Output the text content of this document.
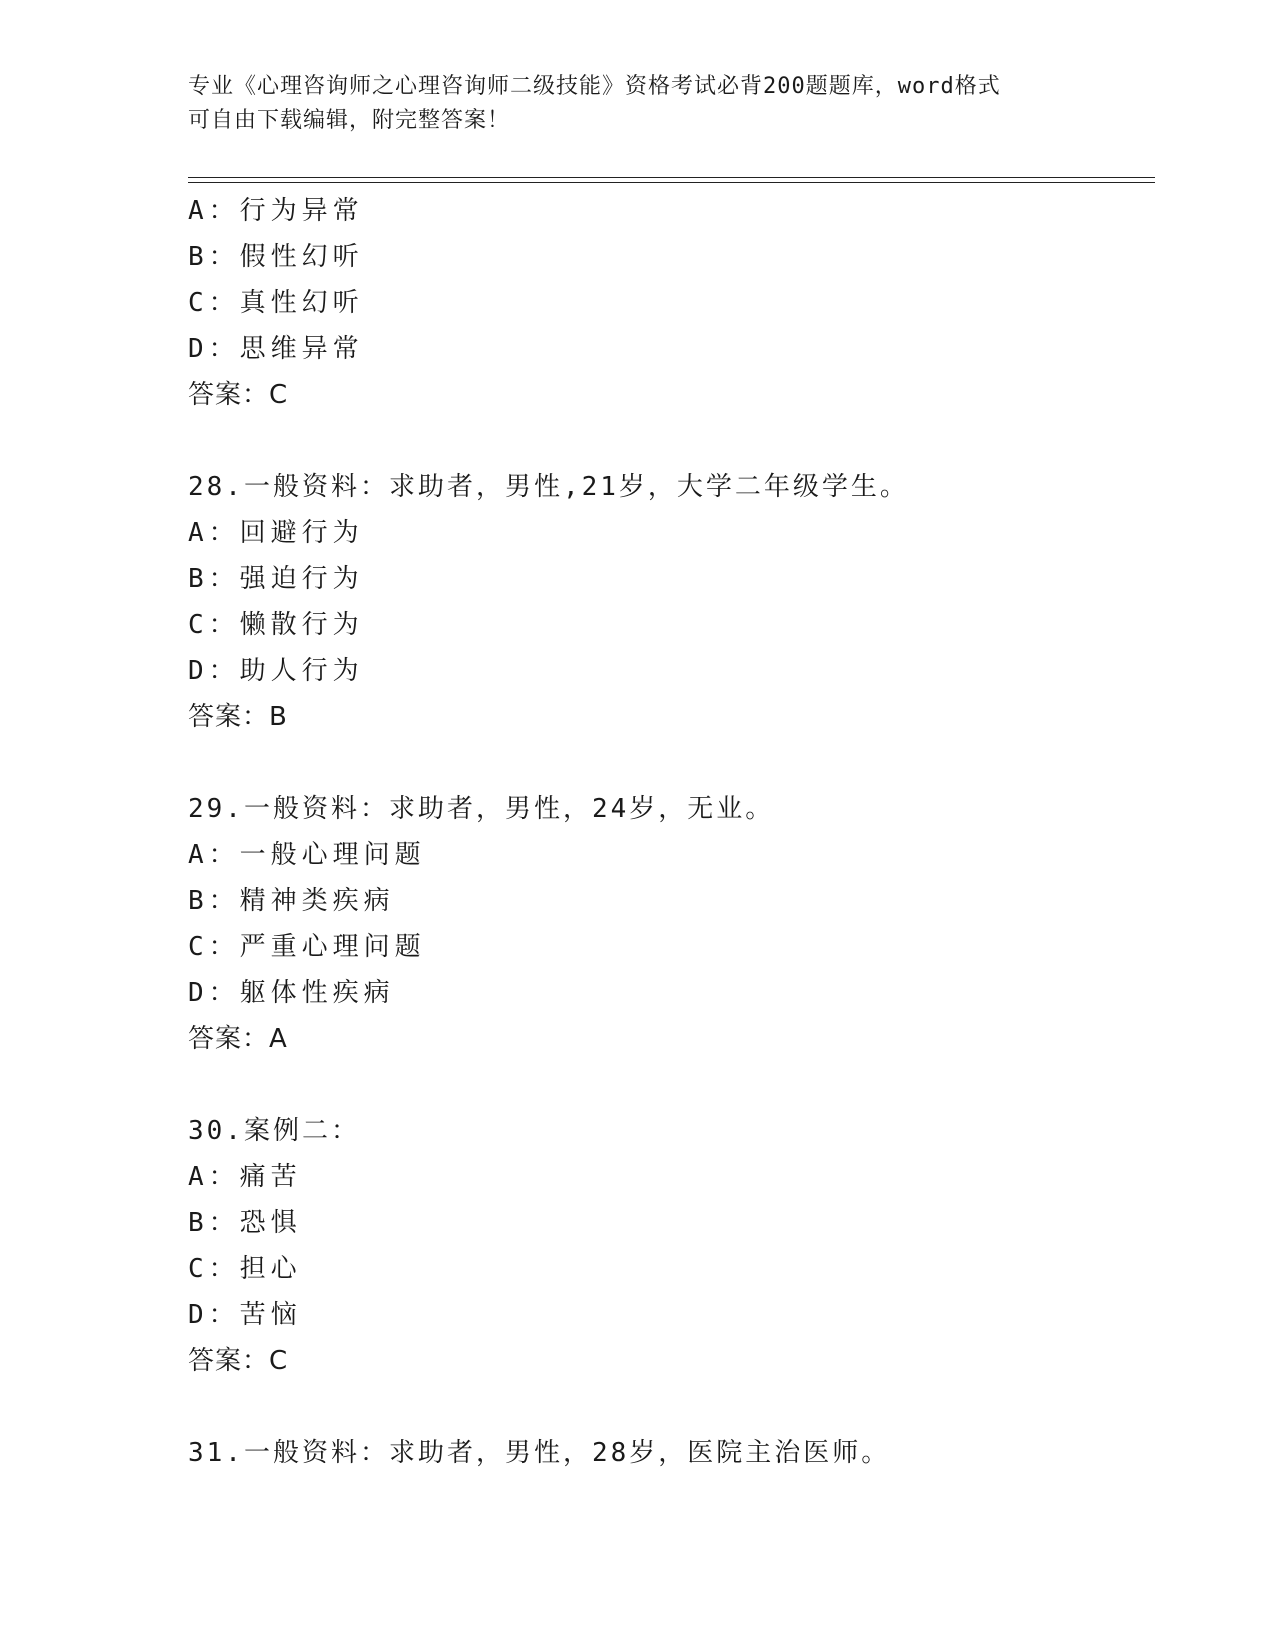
专业《心理咨询师之心理咨询师二级技能》资格考试必背200题题库，word格式
可自由下载编辑，附完整答案！
A：行为异常
B：假性幻听
C：真性幻听
D：思维异常
答案：C
28.一般资料：求助者，男性,21岁，大学二年级学生。
A：回避行为
B：强迫行为
C：懒散行为
D：助人行为
答案：B
29.一般资料：求助者，男性，24岁，无业。
A：一般心理问题
B：精神类疾病
C：严重心理问题
D：躯体性疾病
答案：A
30.案例二：
A：痛苦
B：恐惧
C：担心
D：苦恼
答案：C
31.一般资料：求助者，男性，28岁，医院主治医师。
